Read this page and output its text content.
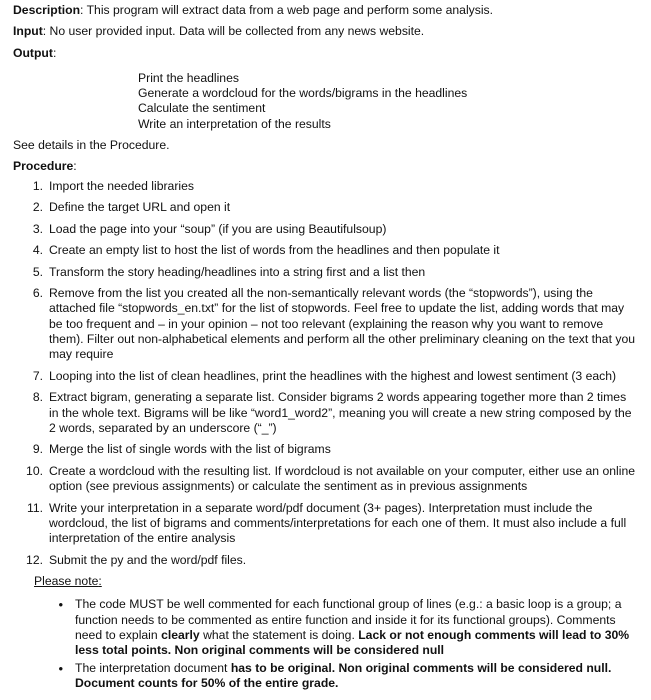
Description: This program will extract data from a web page and perform some analysis.

Input: No user provided input. Data will be collected from any news website.

Output:

Print the headlines
Generate a wordcloud for the words/bigrams in the headlines
Calculate the sentiment
Write an interpretation of the results

See details in the Procedure.

Procedure:

1. Import the needed libraries
2. Define the target URL and open it
3. Load the page into your “soup” (if you are using Beautifulsoup)
4. Create an empty list to host the list of words from the headlines and then populate it
5. Transform the story heading/headlines into a string first and a list then
6. Remove from the list you created all the non-semantically relevant words (the “stopwords”), using the attached file “stopwords_en.txt” for the list of stopwords. Feel free to update the list, adding words that may be too frequent and – in your opinion – not too relevant (explaining the reason why you want to remove them). Filter out non-alphabetical elements and perform all the other preliminary cleaning on the text that you may require
7. Looping into the list of clean headlines, print the headlines with the highest and lowest sentiment (3 each)
8. Extract bigram, generating a separate list. Consider bigrams 2 words appearing together more than 2 times in the whole text. Bigrams will be like “word1_word2”, meaning you will create a new string composed by the 2 words, separated by an underscore (“_”)
9. Merge the list of single words with the list of bigrams
10. Create a wordcloud with the resulting list. If wordcloud is not available on your computer, either use an online option (see previous assignments) or calculate the sentiment as in previous assignments
11. Write your interpretation in a separate word/pdf document (3+ pages). Interpretation must include the wordcloud, the list of bigrams and comments/interpretations for each one of them. It must also include a full interpretation of the entire analysis
12. Submit the py and the word/pdf files.

Please note:

• The code MUST be well commented for each functional group of lines (e.g.: a basic loop is a group; a function needs to be commented as entire function and inside it for its functional groups). Comments need to explain clearly what the statement is doing. Lack or not enough comments will lead to 30% less total points. Non original comments will be considered null
• The interpretation document has to be original. Non original comments will be considered null. Document counts for 50% of the entire grade.
